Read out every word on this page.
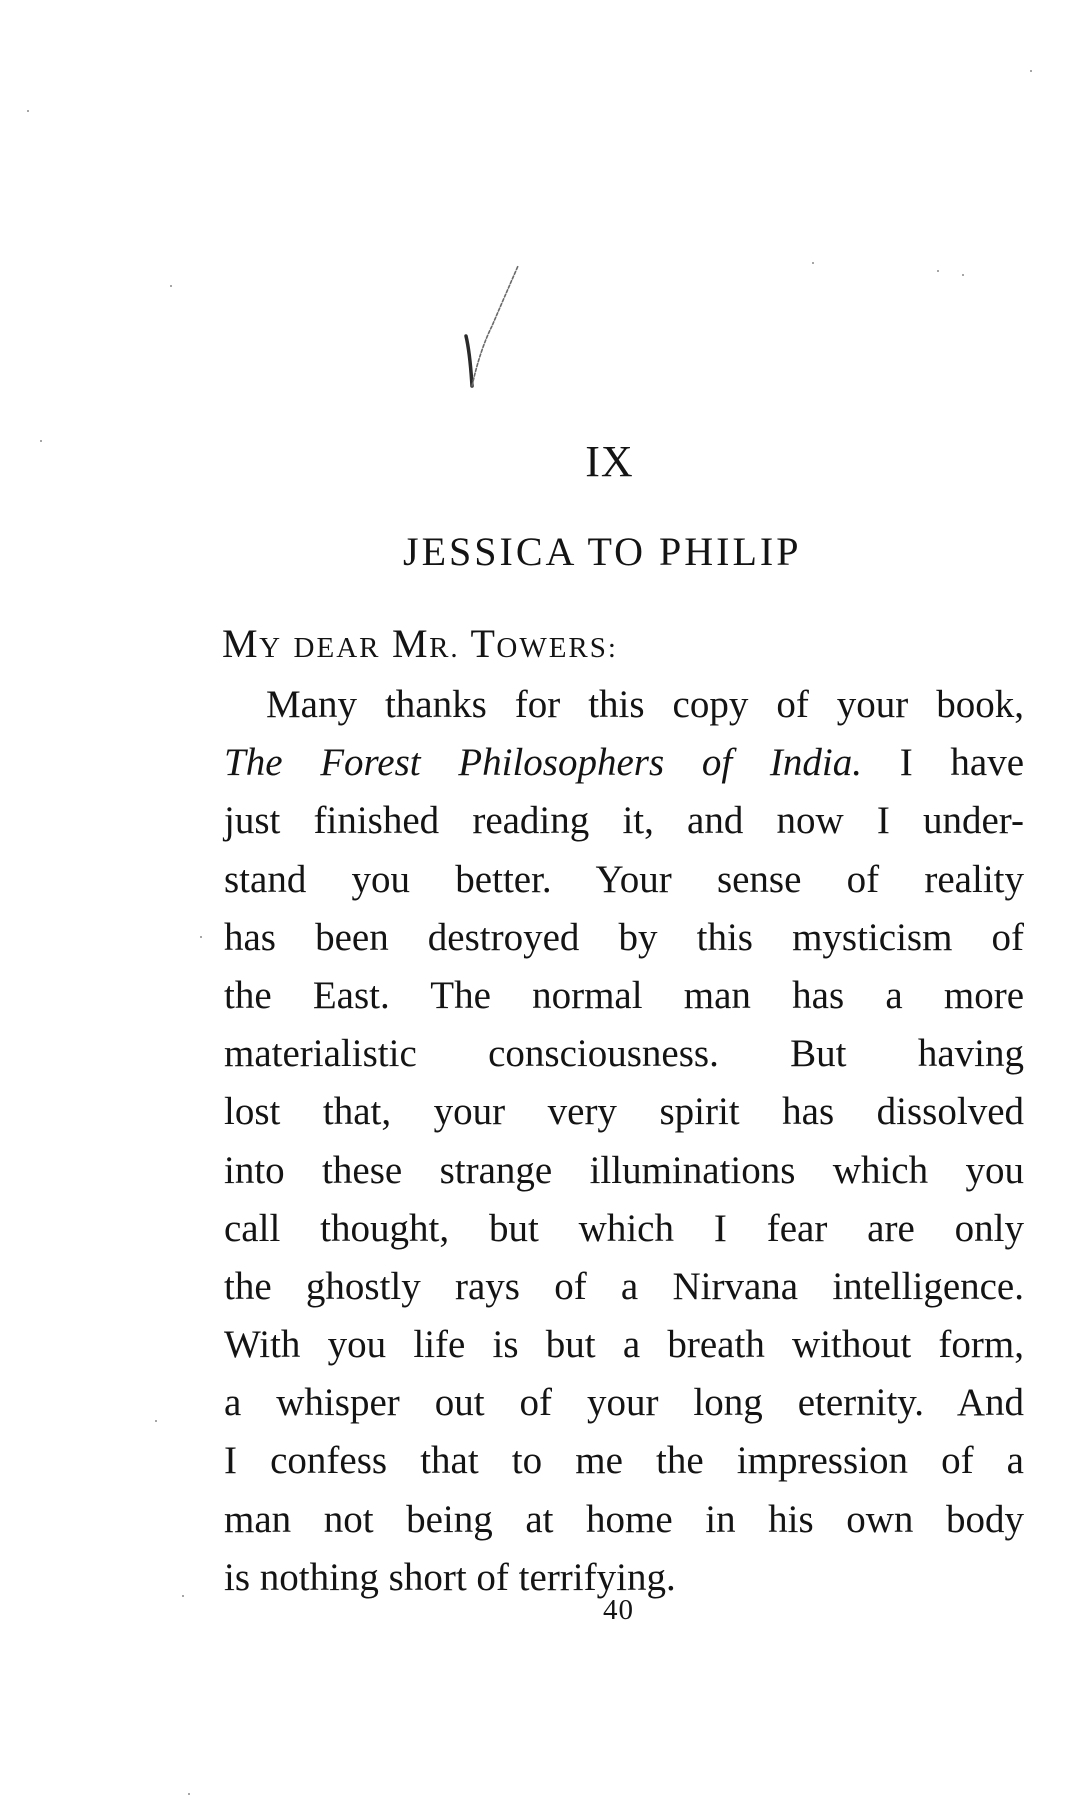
IX
JESSICA TO PHILIP
MY DEAR MR. TOWERS:
Many thanks for this copy of your book,
The Forest Philosophers of India. I have
just finished reading it, and now I under-
stand you better. Your sense of reality
has been destroyed by this mysticism of
the East. The normal man has a more
materialistic consciousness. But having
lost that, your very spirit has dissolved
into these strange illuminations which you
call thought, but which I fear are only
the ghostly rays of a Nirvana intelligence.
With you life is but a breath without form,
a whisper out of your long eternity. And
I confess that to me the impression of a
man not being at home in his own body
is nothing short of terrifying.
40
